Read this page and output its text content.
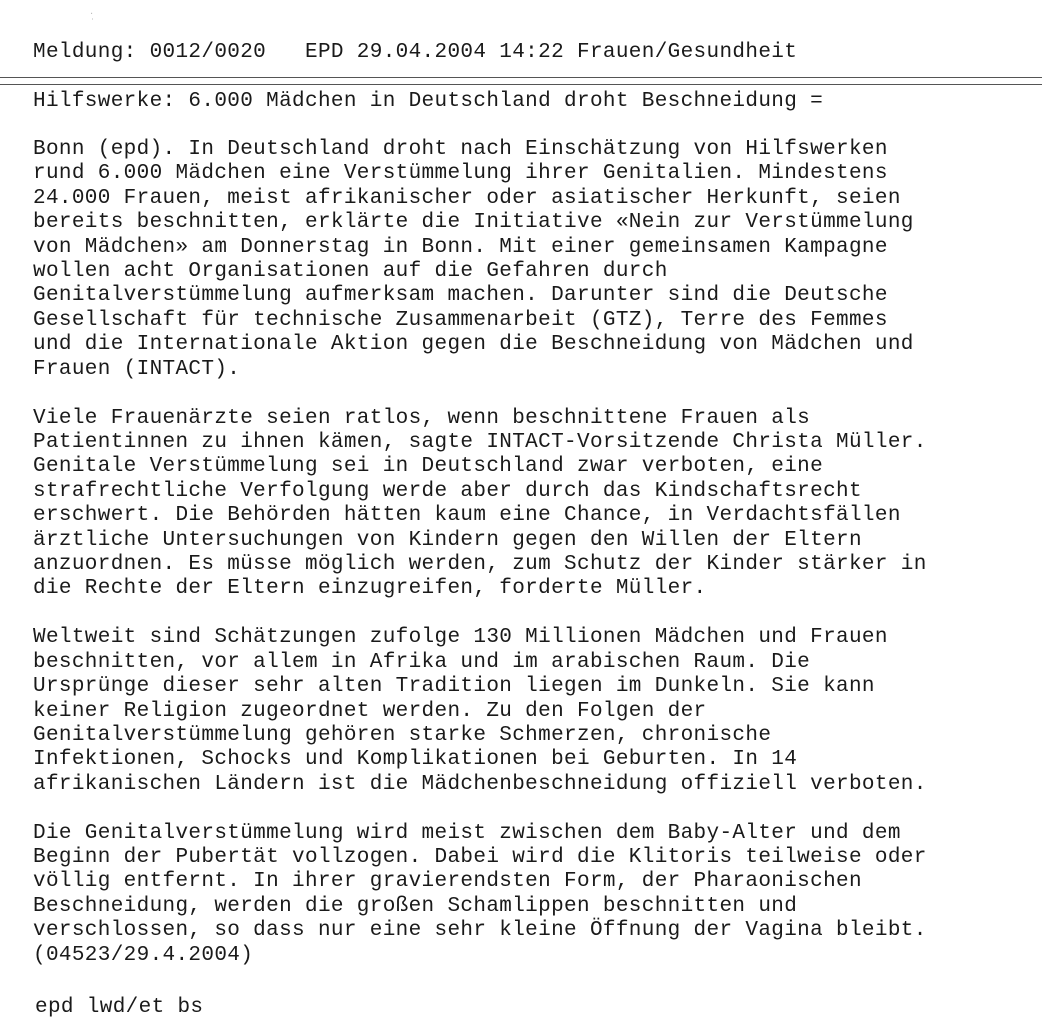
·
˙
Meldung: 0012/0020   EPD 29.04.2004 14:22 Frauen/Gesundheit
Hilfswerke: 6.000 Mädchen in Deutschland droht Beschneidung =

Bonn (epd). In Deutschland droht nach Einschätzung von Hilfswerken
rund 6.000 Mädchen eine Verstümmelung ihrer Genitalien. Mindestens
24.000 Frauen, meist afrikanischer oder asiatischer Herkunft, seien
bereits beschnitten, erklärte die Initiative «Nein zur Verstümmelung
von Mädchen» am Donnerstag in Bonn. Mit einer gemeinsamen Kampagne
wollen acht Organisationen auf die Gefahren durch
Genitalverstümmelung aufmerksam machen. Darunter sind die Deutsche
Gesellschaft für technische Zusammenarbeit (GTZ), Terre des Femmes
und die Internationale Aktion gegen die Beschneidung von Mädchen und
Frauen (INTACT).

Viele Frauenärzte seien ratlos, wenn beschnittene Frauen als
Patientinnen zu ihnen kämen, sagte INTACT-Vorsitzende Christa Müller.
Genitale Verstümmelung sei in Deutschland zwar verboten, eine
strafrechtliche Verfolgung werde aber durch das Kindschaftsrecht
erschwert. Die Behörden hätten kaum eine Chance, in Verdachtsfällen
ärztliche Untersuchungen von Kindern gegen den Willen der Eltern
anzuordnen. Es müsse möglich werden, zum Schutz der Kinder stärker in
die Rechte der Eltern einzugreifen, forderte Müller.

Weltweit sind Schätzungen zufolge 130 Millionen Mädchen und Frauen
beschnitten, vor allem in Afrika und im arabischen Raum. Die
Ursprünge dieser sehr alten Tradition liegen im Dunkeln. Sie kann
keiner Religion zugeordnet werden. Zu den Folgen der
Genitalverstümmelung gehören starke Schmerzen, chronische
Infektionen, Schocks und Komplikationen bei Geburten. In 14
afrikanischen Ländern ist die Mädchenbeschneidung offiziell verboten.

Die Genitalverstümmelung wird meist zwischen dem Baby-Alter und dem
Beginn der Pubertät vollzogen. Dabei wird die Klitoris teilweise oder
völlig entfernt. In ihrer gravierendsten Form, der Pharaonischen
Beschneidung, werden die großen Schamlippen beschnitten und
verschlossen, so dass nur eine sehr kleine Öffnung der Vagina bleibt.
(04523/29.4.2004)

epd lwd/et bs
